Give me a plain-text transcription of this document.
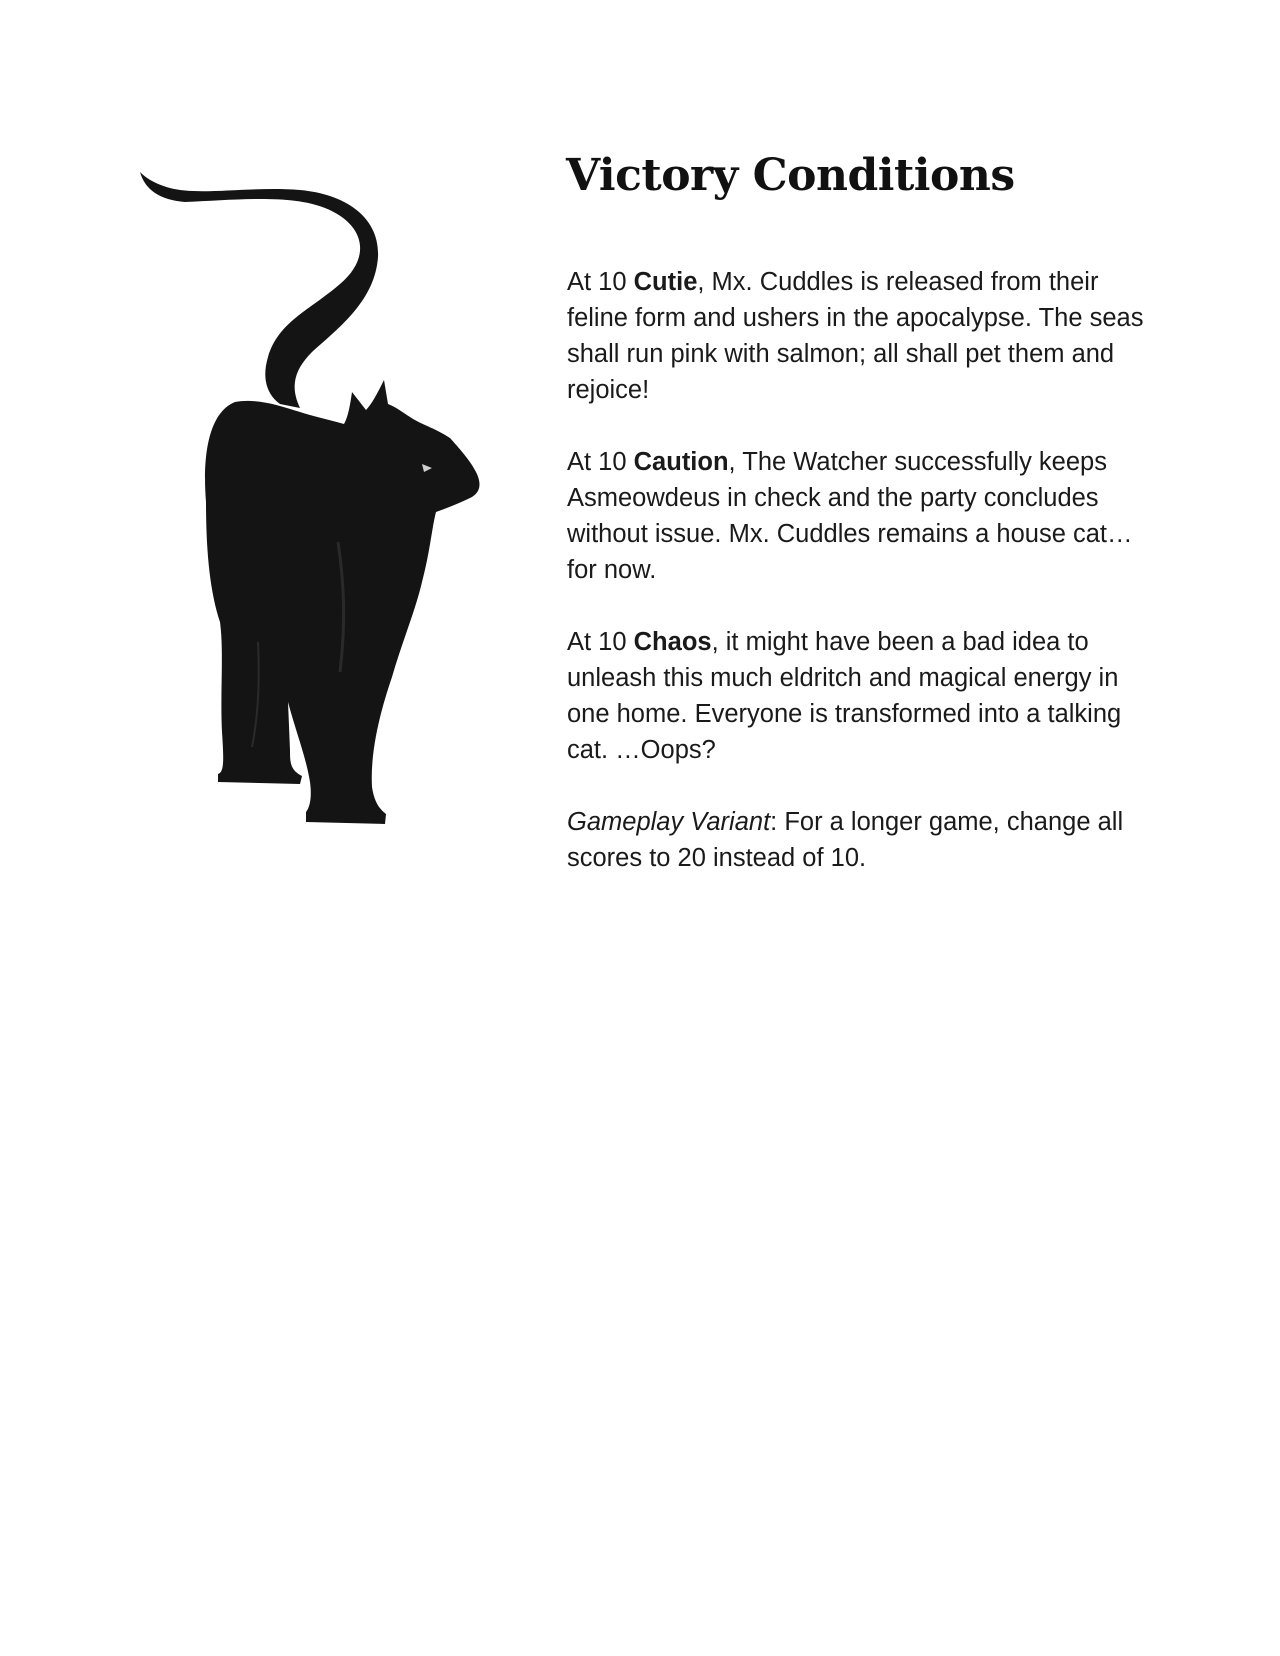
Victory Conditions

At 10 Cutie, Mx. Cuddles is released from their feline form and ushers in the apocalypse. The seas shall run pink with salmon; all shall pet them and rejoice!

At 10 Caution, The Watcher successfully keeps Asmeowdeus in check and the party concludes without issue. Mx. Cuddles remains a house cat…for now.

At 10 Chaos, it might have been a bad idea to unleash this much eldritch and magical energy in one home. Everyone is transformed into a talking cat. …Oops?

Gameplay Variant: For a longer game, change all scores to 20 instead of 10.
